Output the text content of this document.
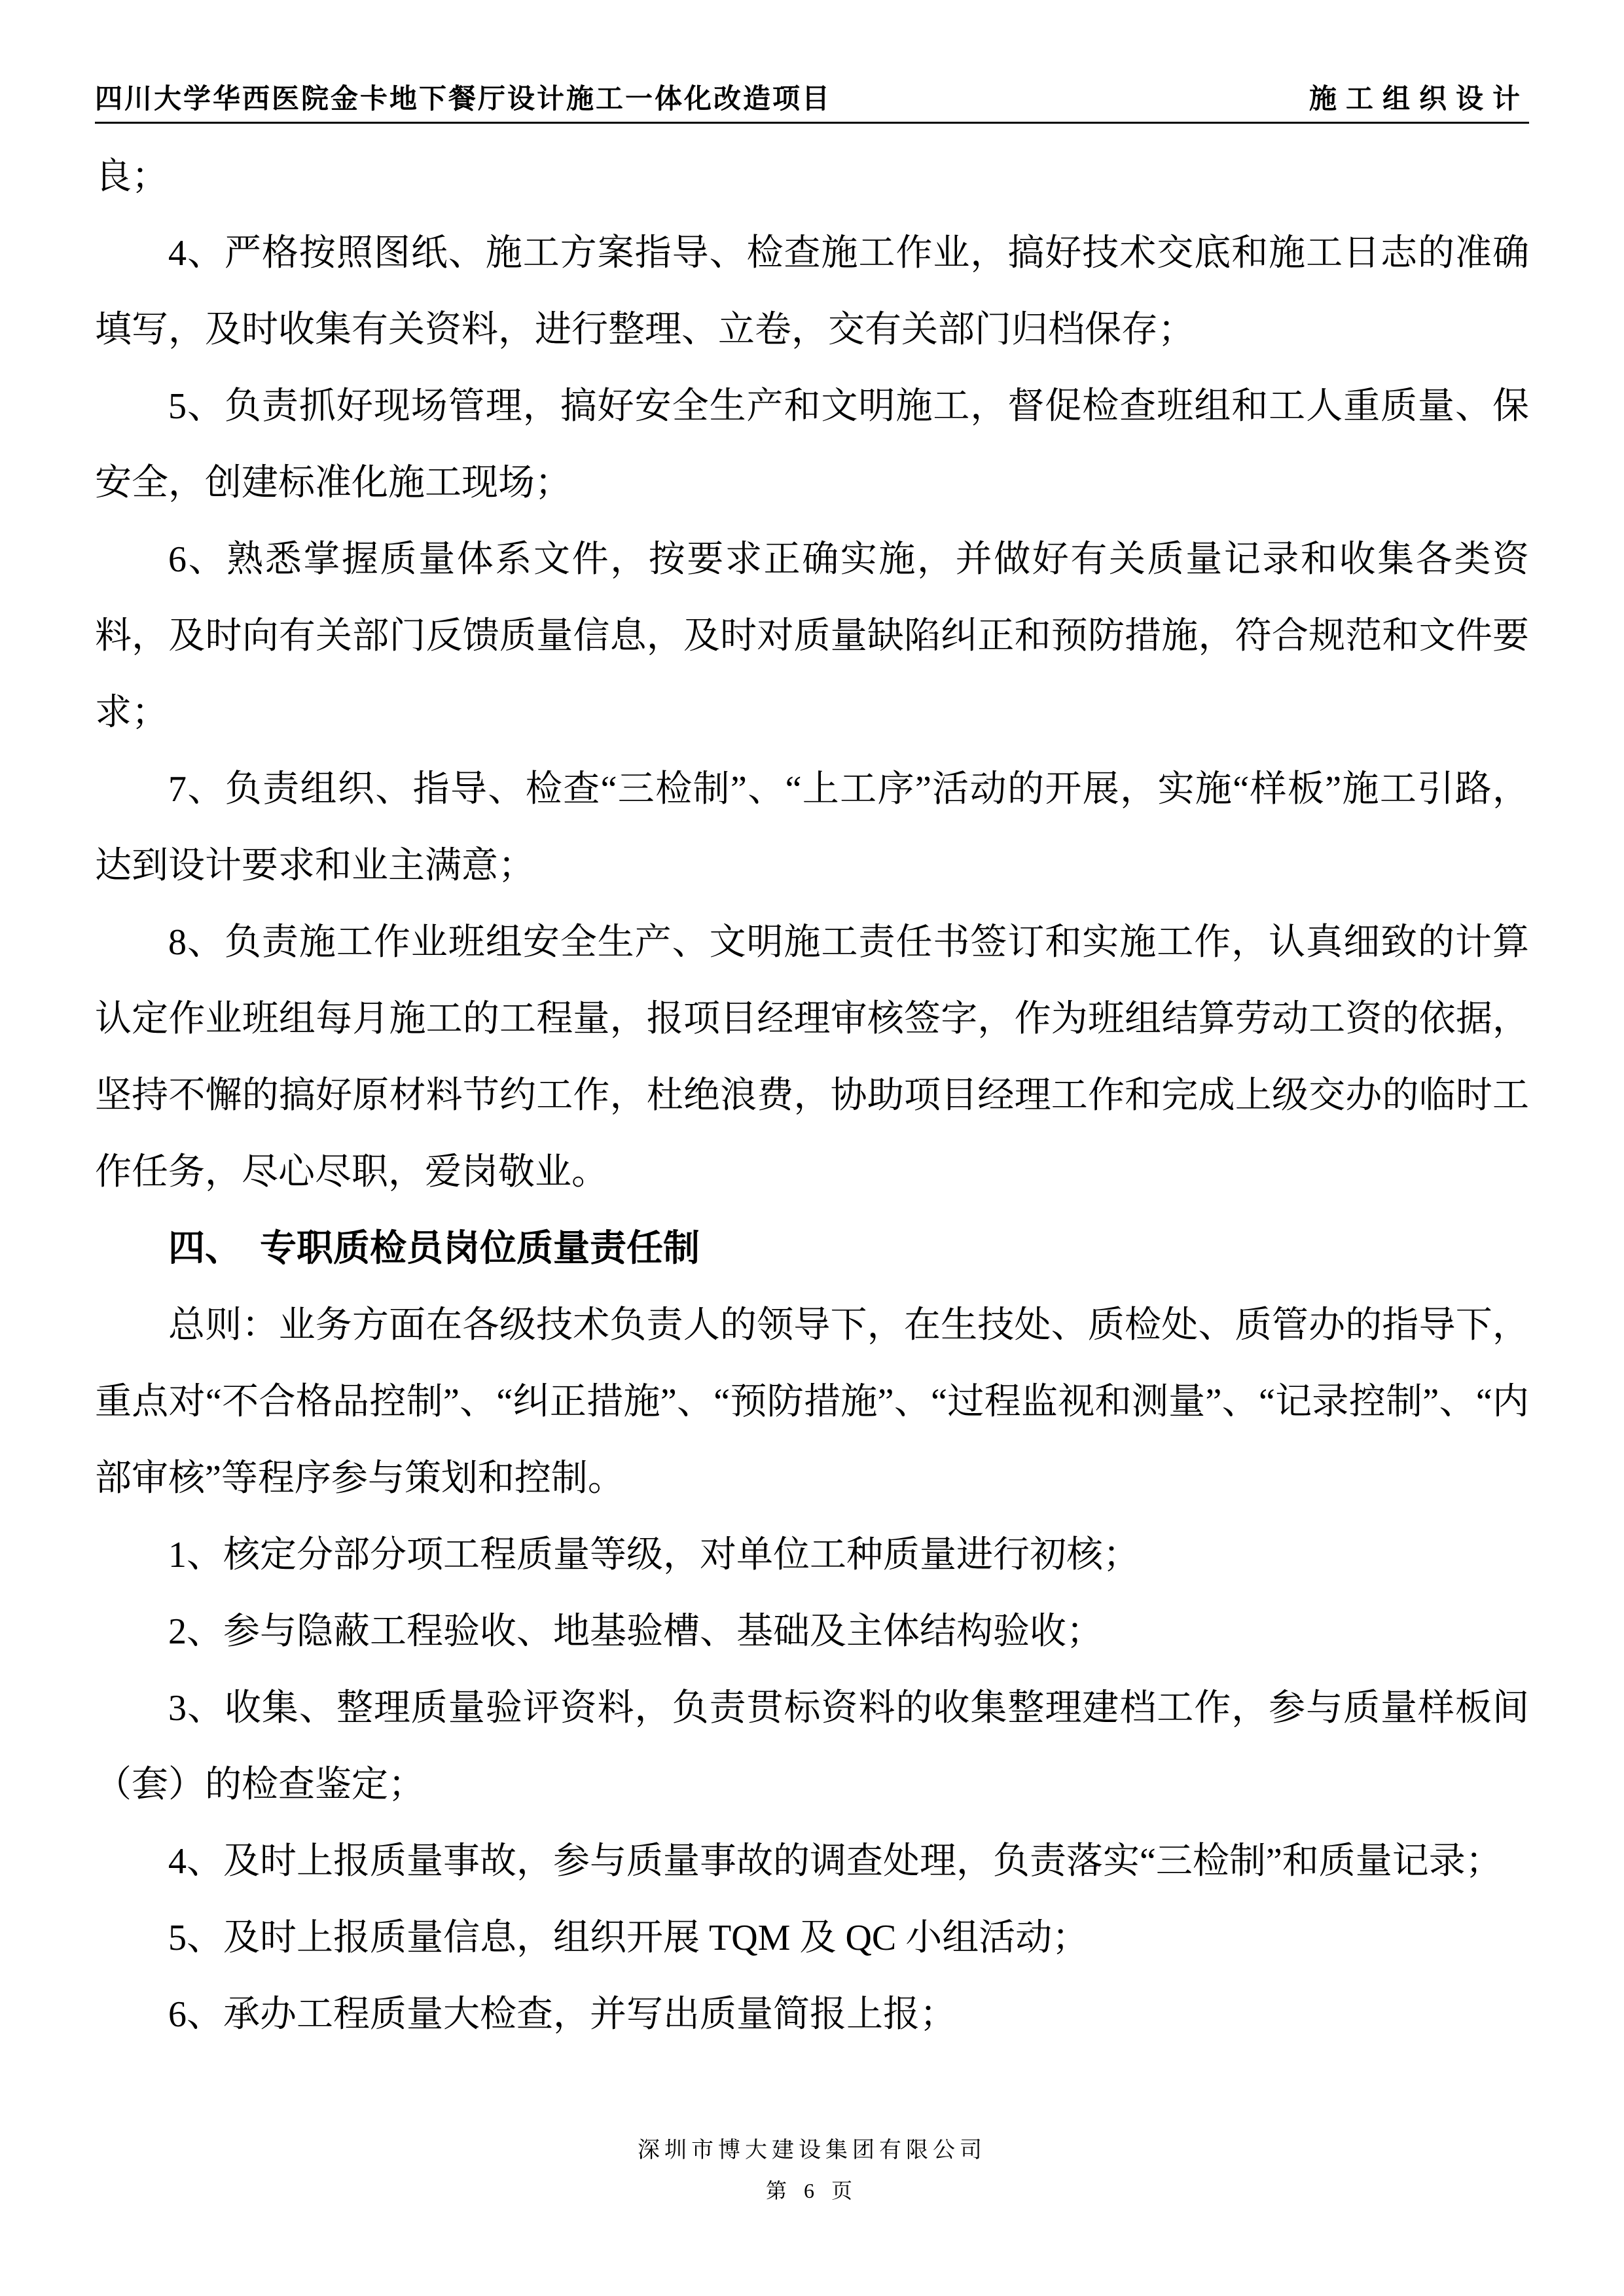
四川大学华西医院金卡地下餐厅设计施工一体化改造项目	施工组织设计

良；

4、严格按照图纸、施工方案指导、检查施工作业，搞好技术交底和施工日志的准确填写，及时收集有关资料，进行整理、立卷，交有关部门归档保存；

5、负责抓好现场管理，搞好安全生产和文明施工，督促检查班组和工人重质量、保安全，创建标准化施工现场；

6、熟悉掌握质量体系文件，按要求正确实施，并做好有关质量记录和收集各类资料，及时向有关部门反馈质量信息，及时对质量缺陷纠正和预防措施，符合规范和文件要求；

7、负责组织、指导、检查“三检制”、“上工序”活动的开展，实施“样板”施工引路，达到设计要求和业主满意；

8、负责施工作业班组安全生产、文明施工责任书签订和实施工作，认真细致的计算认定作业班组每月施工的工程量，报项目经理审核签字，作为班组结算劳动工资的依据，坚持不懈的搞好原材料节约工作，杜绝浪费，协助项目经理工作和完成上级交办的临时工作任务，尽心尽职，爱岗敬业。

四、　专职质检员岗位质量责任制

总则：业务方面在各级技术负责人的领导下，在生技处、质检处、质管办的指导下，重点对“不合格品控制”、“纠正措施”、“预防措施”、“过程监视和测量”、“记录控制”、“内部审核”等程序参与策划和控制。

1、核定分部分项工程质量等级，对单位工种质量进行初核；

2、参与隐蔽工程验收、地基验槽、基础及主体结构验收；

3、收集、整理质量验评资料，负责贯标资料的收集整理建档工作，参与质量样板间（套）的检查鉴定；

4、及时上报质量事故，参与质量事故的调查处理，负责落实“三检制”和质量记录；

5、及时上报质量信息，组织开展 TQM 及 QC 小组活动；

6、承办工程质量大检查，并写出质量简报上报；

深圳市博大建设集团有限公司
第 6 页
